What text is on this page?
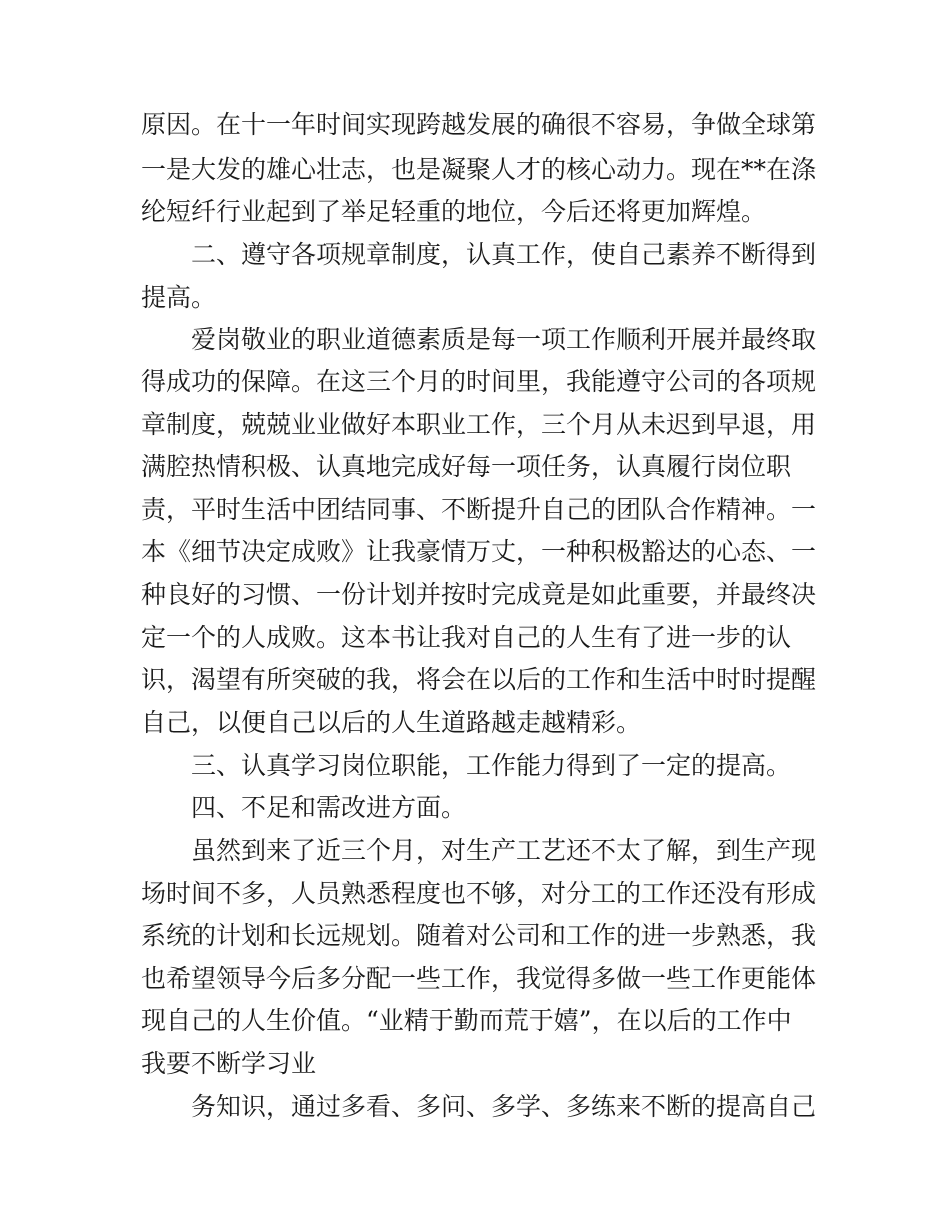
原因。在十一年时间实现跨越发展的确很不容易，争做全球第

一是大发的雄心壮志，也是凝聚人才的核心动力。现在**在涤

纶短纤行业起到了举足轻重的地位，今后还将更加辉煌。

二、遵守各项规章制度，认真工作，使自己素养不断得到

提高。

爱岗敬业的职业道德素质是每一项工作顺利开展并最终取

得成功的保障。在这三个月的时间里，我能遵守公司的各项规

章制度，兢兢业业做好本职业工作，三个月从未迟到早退，用

满腔热情积极、认真地完成好每一项任务，认真履行岗位职

责，平时生活中团结同事、不断提升自己的团队合作精神。一

本《细节决定成败》让我豪情万丈，一种积极豁达的心态、一

种良好的习惯、一份计划并按时完成竟是如此重要，并最终决

定一个的人成败。这本书让我对自己的人生有了进一步的认

识，渴望有所突破的我，将会在以后的工作和生活中时时提醒

自己，以便自己以后的人生道路越走越精彩。

三、认真学习岗位职能，工作能力得到了一定的提高。

四、不足和需改进方面。

虽然到来了近三个月，对生产工艺还不太了解，到生产现

场时间不多，人员熟悉程度也不够，对分工的工作还没有形成

系统的计划和长远规划。随着对公司和工作的进一步熟悉，我

也希望领导今后多分配一些工作，我觉得多做一些工作更能体

现自己的人生价值。“业精于勤而荒于嬉”，在以后的工作中

我要不断学习业

务知识，通过多看、多问、多学、多练来不断的提高自己
